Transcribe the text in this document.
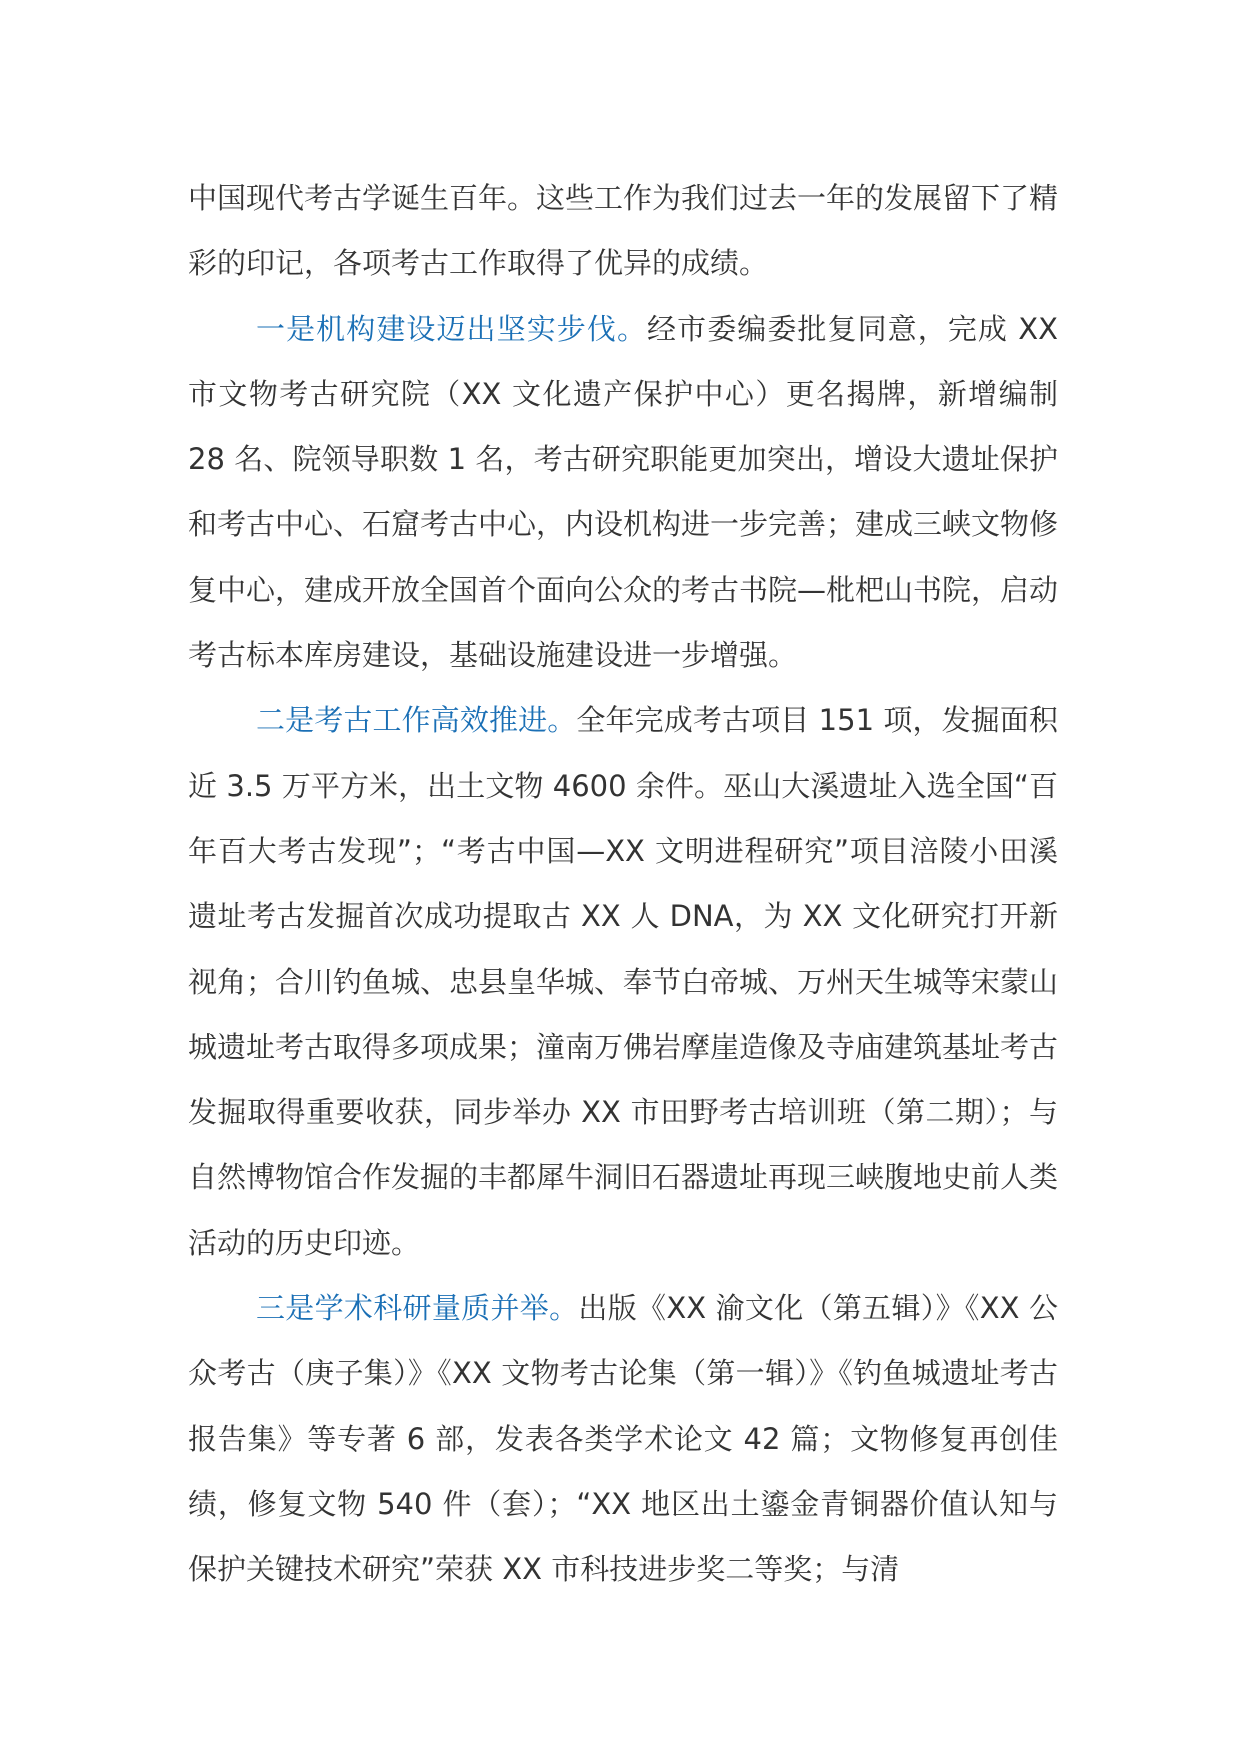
中国现代考古学诞生百年。这些工作为我们过去一年的发展留下了精彩的印记，各项考古工作取得了优异的成绩。

一是机构建设迈出坚实步伐。经市委编委批复同意，完成 XX 市文物考古研究院（XX 文化遗产保护中心）更名揭牌，新增编制 28 名、院领导职数 1 名，考古研究职能更加突出，增设大遗址保护和考古中心、石窟考古中心，内设机构进一步完善；建成三峡文物修复中心，建成开放全国首个面向公众的考古书院—枇杷山书院，启动考古标本库房建设，基础设施建设进一步增强。

二是考古工作高效推进。全年完成考古项目 151 项，发掘面积近 3.5 万平方米，出土文物 4600 余件。巫山大溪遗址入选全国“百年百大考古发现”；“考古中国—XX 文明进程研究”项目涪陵小田溪遗址考古发掘首次成功提取古 XX 人 DNA，为 XX 文化研究打开新视角；合川钓鱼城、忠县皇华城、奉节白帝城、万州天生城等宋蒙山城遗址考古取得多项成果；潼南万佛岩摩崖造像及寺庙建筑基址考古发掘取得重要收获，同步举办 XX 市田野考古培训班（第二期）；与自然博物馆合作发掘的丰都犀牛洞旧石器遗址再现三峡腹地史前人类活动的历史印迹。

三是学术科研量质并举。出版《XX 渝文化（第五辑）》《XX 公众考古（庚子集）》《XX 文物考古论集（第一辑）》《钓鱼城遗址考古报告集》等专著 6 部，发表各类学术论文 42 篇；文物修复再创佳绩，修复文物 540 件（套）；“XX 地区出土鎏金青铜器价值认知与保护关键技术研究”荣获 XX 市科技进步奖二等奖；与清
